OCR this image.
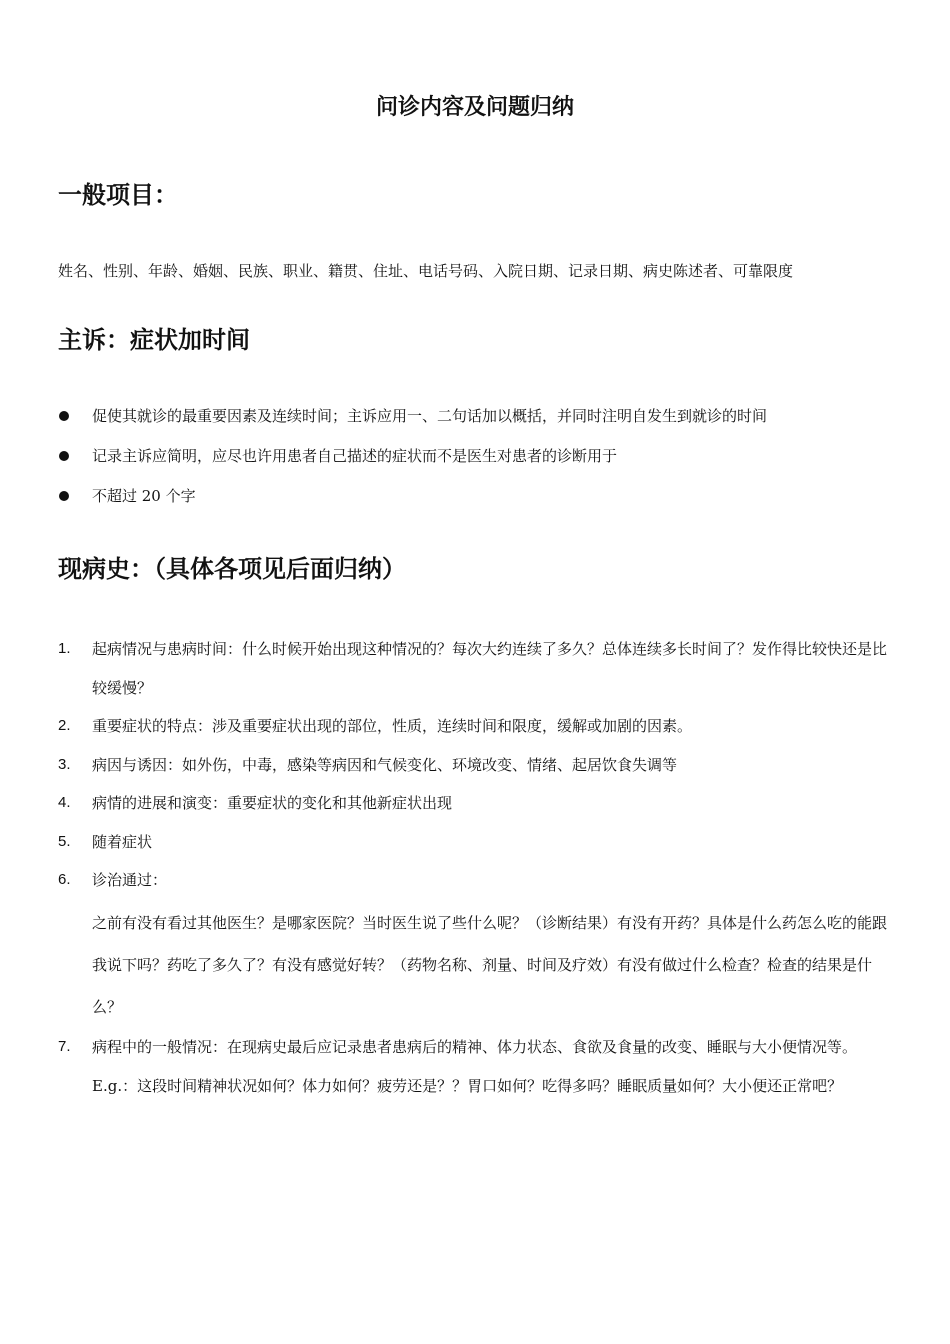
问诊内容及问题归纳
一般项目：

姓名、性别、年龄、婚姻、民族、职业、籍贯、住址、电话号码、入院日期、记录日期、病史陈述者、可靠限度

主诉：症状加时间
促使其就诊的最重要因素及连续时间；主诉应用一、二句话加以概括，并同时注明自发生到就诊的时间
记录主诉应简明，应尽也许用患者自己描述的症状而不是医生对患者的诊断用于
不超过 20 个字
现病史：（具体各项见后面归纳）
1. 起病情况与患病时间：什么时候开始出现这种情况的？每次大约连续了多久？总体连续多长时间了？发作得比较快还是比较缓慢？
2. 重要症状的特点：涉及重要症状出现的部位，性质，连续时间和限度，缓解或加剧的因素。
3. 病因与诱因：如外伤，中毒，感染等病因和气候变化、环境改变、情绪、起居饮食失调等
4. 病情的进展和演变：重要症状的变化和其他新症状出现
5. 随着症状
6. 诊治通过：
之前有没有看过其他医生？是哪家医院？当时医生说了些什么呢？（诊断结果）有没有开药？具体是什么药怎么吃的能跟我说下吗？药吃了多久了？有没有感觉好转？（药物名称、剂量、时间及疗效）有没有做过什么检查？检查的结果是什么？
7. 病程中的一般情况：在现病史最后应记录患者患病后的精神、体力状态、食欲及食量的改变、睡眠与大小便情况等。 E.g.：这段时间精神状况如何？体力如何？疲劳还是？？胃口如何？吃得多吗？睡眠质量如何？大小便还正常吧？
